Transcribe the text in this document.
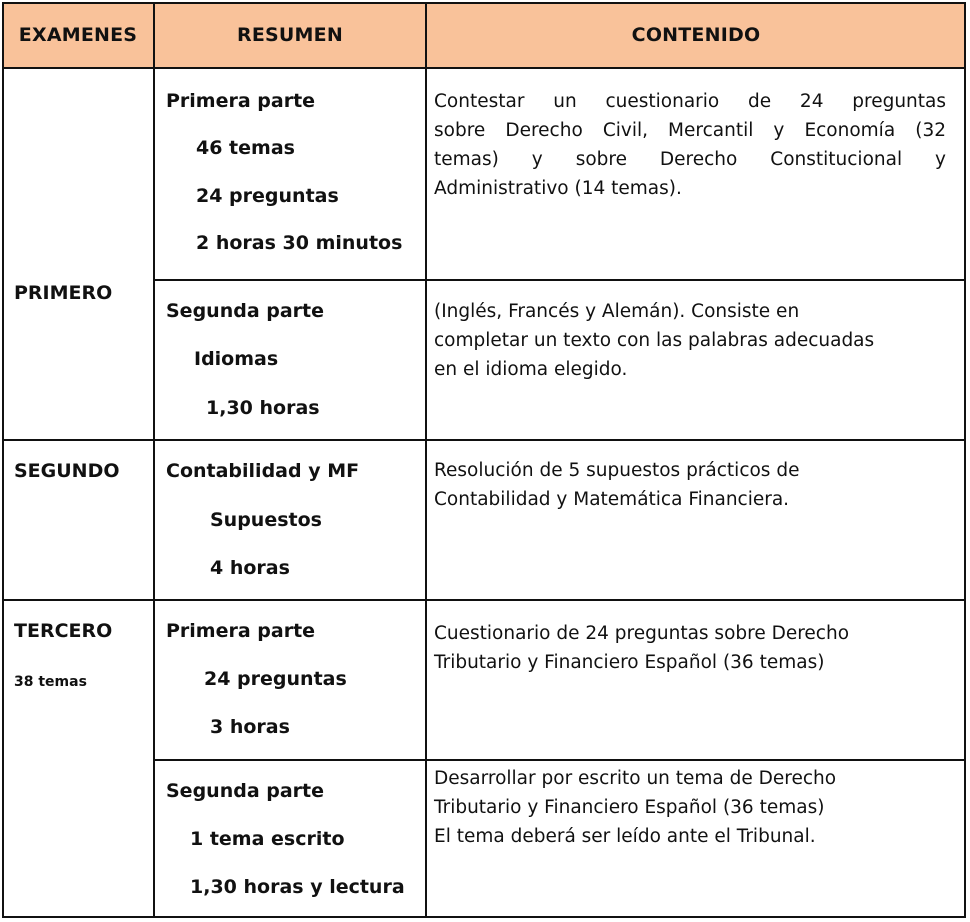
EXAMENES	RESUMEN	CONTENIDO
PRIMERO
SEGUNDO
TERCERO
38 temas
Primera parte
46 temas
24 preguntas
2 horas 30 minutos
Segunda parte
Idiomas
1,30 horas
Contabilidad y MF
Supuestos
4 horas
Primera parte
24 preguntas
3 horas
Segunda parte
1 tema escrito
1,30 horas y lectura
Contestar un cuestionario de 24 preguntas
sobre Derecho Civil, Mercantil y Economía (32
temas) y sobre Derecho Constitucional y
Administrativo (14 temas).
(Inglés, Francés y Alemán). Consiste en
completar un texto con las palabras adecuadas
en el idioma elegido.
Resolución de 5 supuestos prácticos de
Contabilidad y Matemática Financiera.
Cuestionario de 24 preguntas sobre Derecho
Tributario y Financiero Español (36 temas)
Desarrollar por escrito un tema de Derecho
Tributario y Financiero Español (36 temas)
El tema deberá ser leído ante el Tribunal.
